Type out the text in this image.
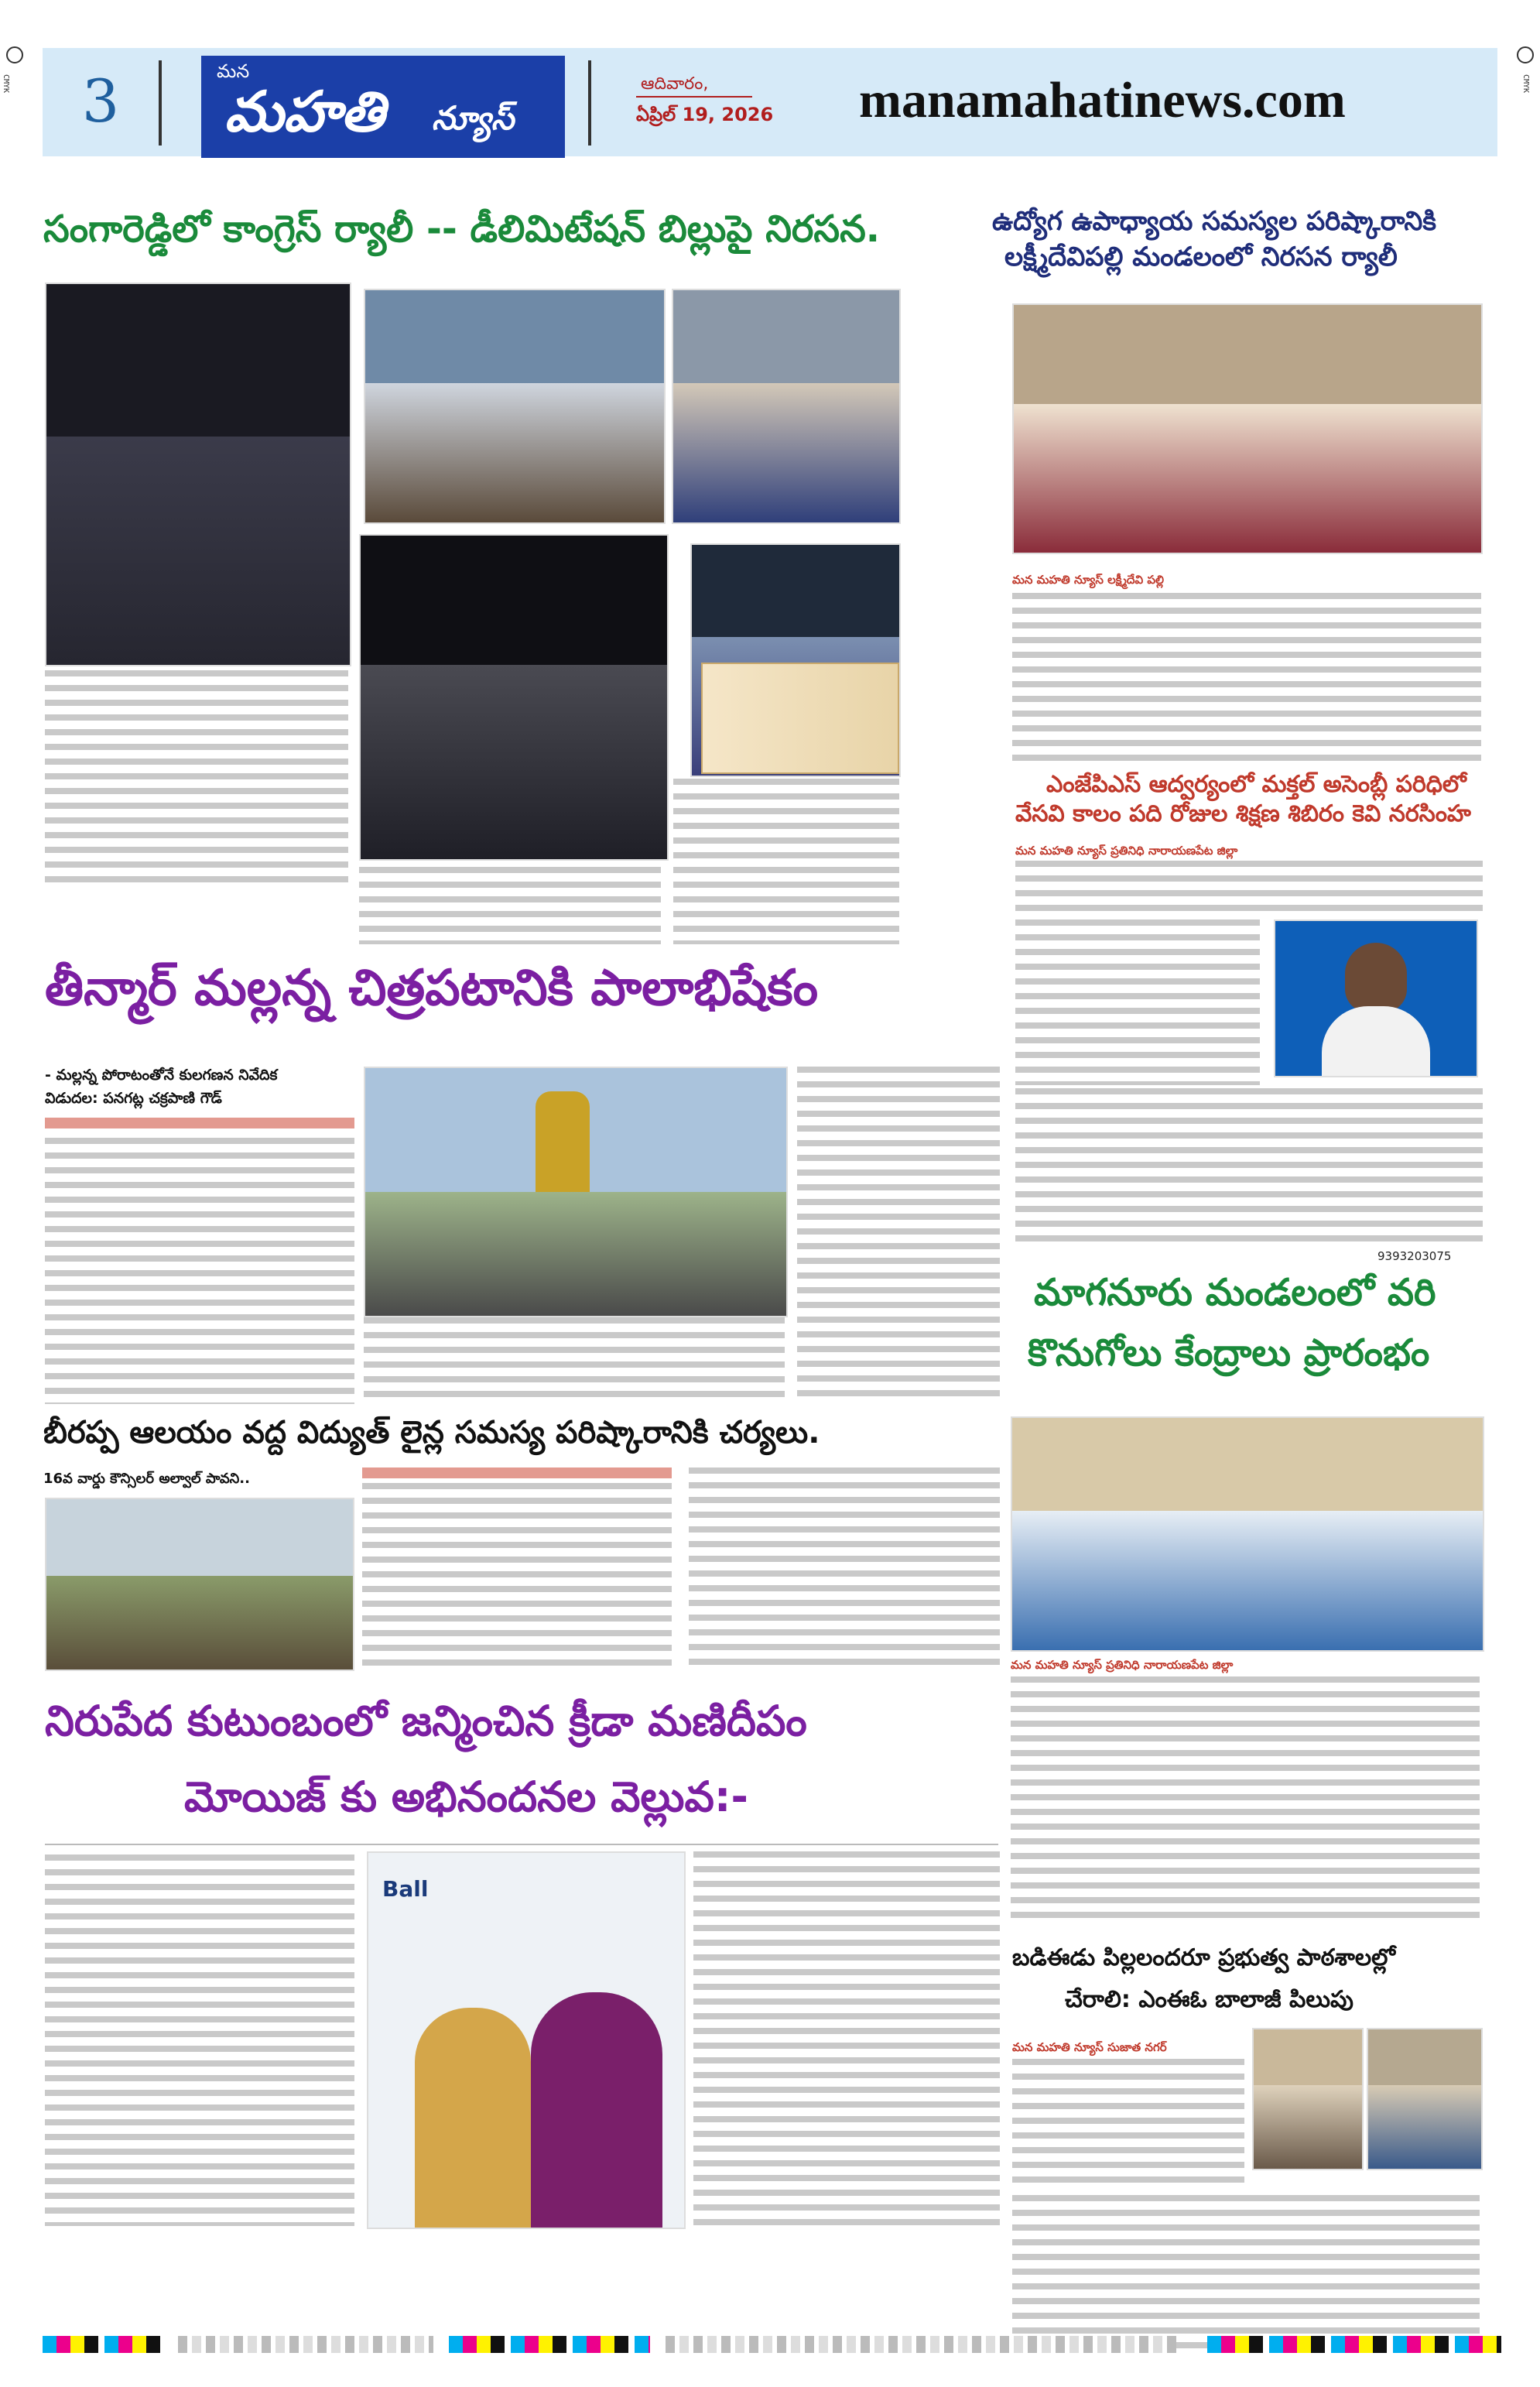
CMYK	CMYK
3	మన
మహతి న్యూస్
ఆదివారం,
ఏప్రిల్ 19, 2026 manamahatinews.com
సంగారెడ్డిలో కాంగ్రెస్ ర్యాలీ -- డీలిమిటేషన్ బిల్లుపై నిరసన.	ఉద్యోగ ఉపాధ్యాయ సమస్యల పరిష్కారానికి
లక్ష్మీదేవిపల్లి మండలంలో నిరసన ర్యాలీ
మన మహతి న్యూస్ లక్ష్మీదేవి పల్లి
ఎంజేపిఎస్ ఆద్వర్యంలో మక్తల్ అసెంబ్లీ పరిధిలో
వేసవి కాలం పది రోజుల శిక్షణ శిబిరం కెవి నరసింహ
మన మహతి న్యూస్ ప్రతినిధి నారాయణపేట జిల్లా
9393203075
తీన్మార్ మల్లన్న చిత్రపటానికి పాలాభిషేకం
- మల్లన్న పోరాటంతోనే కులగణన నివేదిక
విడుదల: పనగట్ల చక్రపాణి గౌడ్
మాగనూరు మండలంలో వరి
కొనుగోలు కేంద్రాలు ప్రారంభం
మన మహతి న్యూస్ ప్రతినిధి నారాయణపేట జిల్లా
బీరప్ప ఆలయం వద్ద విద్యుత్ లైన్ల సమస్య పరిష్కారానికి చర్యలు.
16వ వార్డు కౌన్సిలర్ అల్వాల్ పావని..
నిరుపేద కుటుంబంలో జన్మించిన క్రీడా మణిదీపం
మోయిజ్ కు అభినందనల వెల్లువ:-
Ball
బడిఈడు పిల్లలందరూ ప్రభుత్వ పాఠశాలల్లో
చేరాలి: ఎంఈఓ బాలాజీ పిలుపు
మన మహతి న్యూస్ సుజాత నగర్
